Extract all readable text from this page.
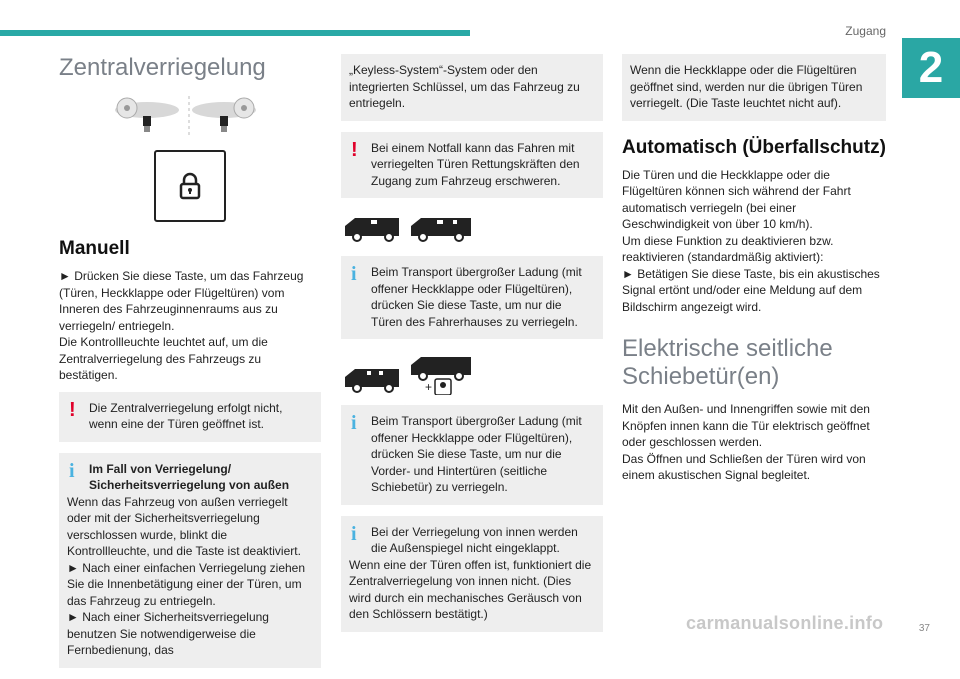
Zugang
2
Zentralverriegelung
Manuell

► Drücken Sie diese Taste, um das Fahrzeug (Türen, Heckklappe oder Flügeltüren) vom Inneren des Fahrzeuginnenraums aus zu verriegeln/ entriegeln.

Die Kontrollleuchte leuchtet auf, um die Zentralverriegelung des Fahrzeugs zu bestätigen.

!	Die Zentralverriegelung erfolgt nicht, wenn eine der Türen geöffnet ist.
i	Im Fall von Verriegelung/ Sicherheitsverriegelung von außen
Wenn das Fahrzeug von außen verriegelt oder mit der Sicherheitsverriegelung verschlossen wurde, blinkt die Kontrollleuchte, und die Taste ist deaktiviert.
► Nach einer einfachen Verriegelung ziehen Sie die Innenbetätigung einer der Türen, um das Fahrzeug zu entriegeln.
► Nach einer Sicherheitsverriegelung benutzen Sie notwendigerweise die Fernbedienung, das
„Keyless-System“-System oder den integrierten Schlüssel, um das Fahrzeug zu entriegeln.
!	Bei einem Notfall kann das Fahren mit verriegelten Türen Rettungskräften den Zugang zum Fahrzeug erschweren.
i	Beim Transport übergroßer Ladung (mit offener Heckklappe oder Flügeltüren), drücken Sie diese Taste, um nur die Türen des Fahrerhauses zu verriegeln.
+
i	Beim Transport übergroßer Ladung (mit offener Heckklappe oder Flügeltüren), drücken Sie diese Taste, um nur die Vorder- und Hintertüren (seitliche Schiebetür) zu verriegeln.
i	Bei der Verriegelung von innen werden die Außenspiegel nicht eingeklappt.
Wenn eine der Türen offen ist, funktioniert die Zentralverriegelung von innen nicht. (Dies wird durch ein mechanisches Geräusch von den Schlössern bestätigt.)
Wenn die Heckklappe oder die Flügeltüren geöffnet sind, werden nur die übrigen Türen verriegelt. (Die Taste leuchtet nicht auf).
Automatisch (Überfallschutz)

Die Türen und die Heckklappe oder die Flügeltüren können sich während der Fahrt automatisch verriegeln (bei einer Geschwindigkeit von über 10 km/h).

Um diese Funktion zu deaktivieren bzw. reaktivieren (standardmäßig aktiviert):

► Betätigen Sie diese Taste, bis ein akustisches Signal ertönt und/oder eine Meldung auf dem Bildschirm angezeigt wird.

Elektrische seitliche Schiebetür(en)

Mit den Außen- und Innengriffen sowie mit den Knöpfen innen kann die Tür elektrisch geöffnet oder geschlossen werden.

Das Öffnen und Schließen der Türen wird von einem akustischen Signal begleitet.

carmanualsonline.info	37
